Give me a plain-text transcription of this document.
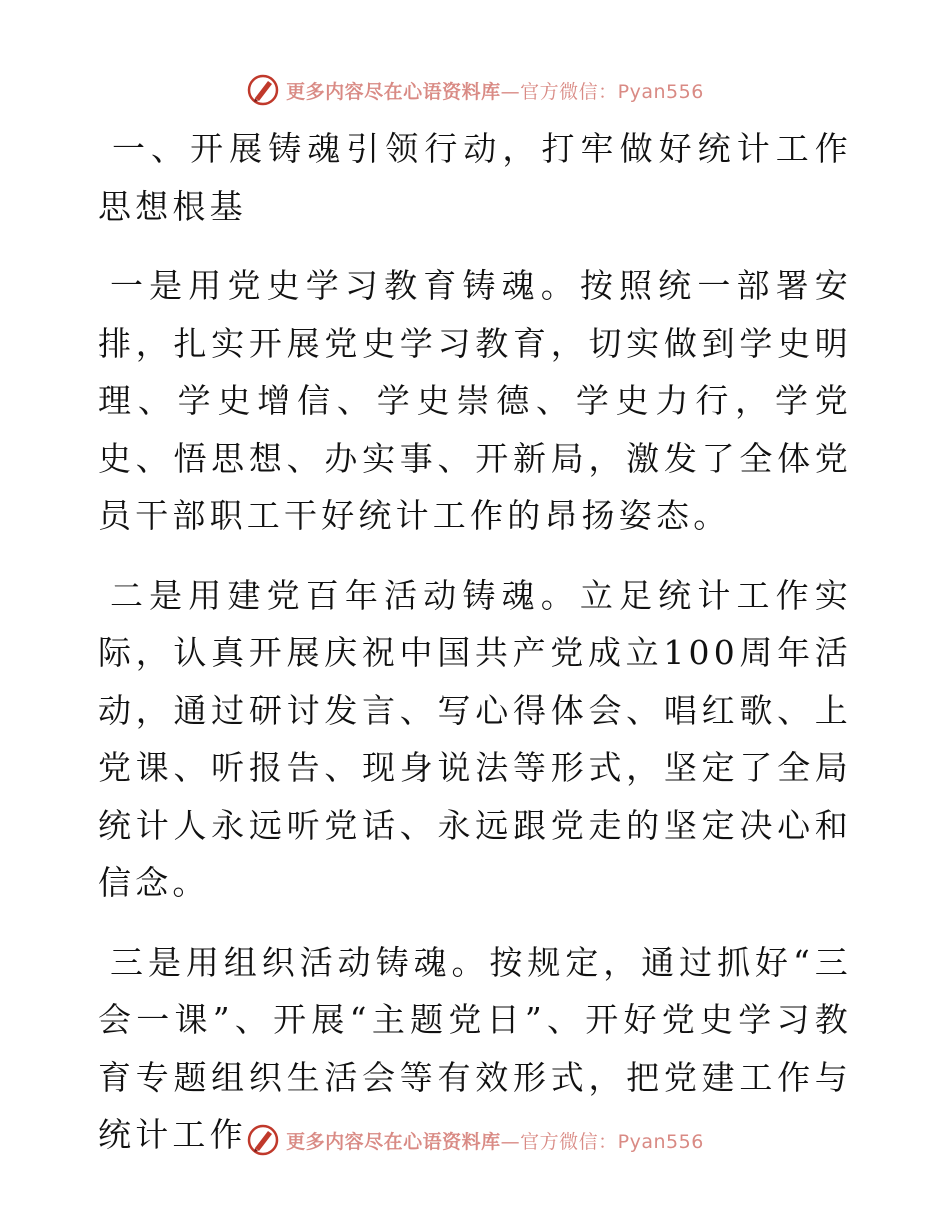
更多内容尽在心语资料库—官方微信：Pyan556

一、开展铸魂引领行动，打牢做好统计工作思想根基

一是用党史学习教育铸魂。按照统一部署安排，扎实开展党史学习教育，切实做到学史明理、学史增信、学史崇德、学史力行，学党史、悟思想、办实事、开新局，激发了全体党员干部职工干好统计工作的昂扬姿态。

二是用建党百年活动铸魂。立足统计工作实际，认真开展庆祝中国共产党成立100周年活动，通过研讨发言、写心得体会、唱红歌、上党课、听报告、现身说法等形式，坚定了全局统计人永远听党话、永远跟党走的坚定决心和信念。

三是用组织活动铸魂。按规定，通过抓好“三会一课”、开展“主题党日”、开好党史学习教育专题组织生活会等有效形式，把党建工作与统计工作	更多内容尽在心语资料库—官方微信：Pyan556
